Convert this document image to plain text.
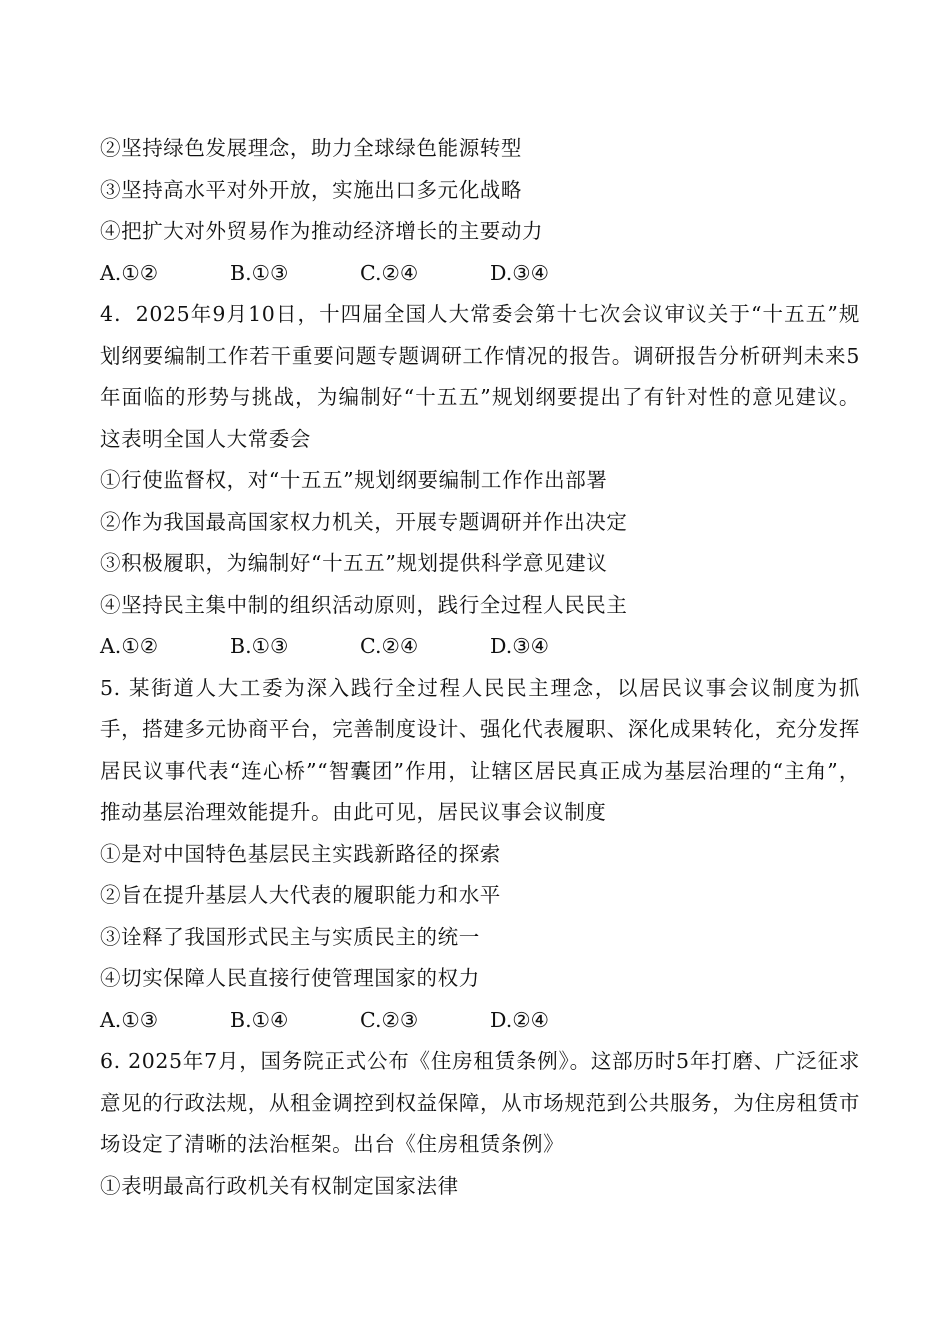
②坚持绿色发展理念，助力全球绿色能源转型
③坚持高水平对外开放，实施出口多元化战略
④把扩大对外贸易作为推动经济增长的主要动力
A.①②	B.①③	C.②④	D.③④
4．2025年9月10日，十四届全国人大常委会第十七次会议审议关于“十五五”规划纲要编制工作若干重要问题专题调研工作情况的报告。调研报告分析研判未来5年面临的形势与挑战，为编制好“十五五”规划纲要提出了有针对性的意见建议。这表明全国人大常委会
①行使监督权，对“十五五”规划纲要编制工作作出部署
②作为我国最高国家权力机关，开展专题调研并作出决定
③积极履职，为编制好“十五五”规划提供科学意见建议
④坚持民主集中制的组织活动原则，践行全过程人民民主
A.①②	B.①③	C.②④	D.③④
5. 某街道人大工委为深入践行全过程人民民主理念，以居民议事会议制度为抓手，搭建多元协商平台，完善制度设计、强化代表履职、深化成果转化，充分发挥居民议事代表“连心桥”“智囊团”作用，让辖区居民真正成为基层治理的“主角”，推动基层治理效能提升。由此可见，居民议事会议制度
①是对中国特色基层民主实践新路径的探索
②旨在提升基层人大代表的履职能力和水平
③诠释了我国形式民主与实质民主的统一
④切实保障人民直接行使管理国家的权力
A.①③	B.①④	C.②③	D.②④
6. 2025年7月，国务院正式公布《住房租赁条例》。这部历时5年打磨、广泛征求意见的行政法规，从租金调控到权益保障，从市场规范到公共服务，为住房租赁市场设定了清晰的法治框架。出台《住房租赁条例》
①表明最高行政机关有权制定国家法律
